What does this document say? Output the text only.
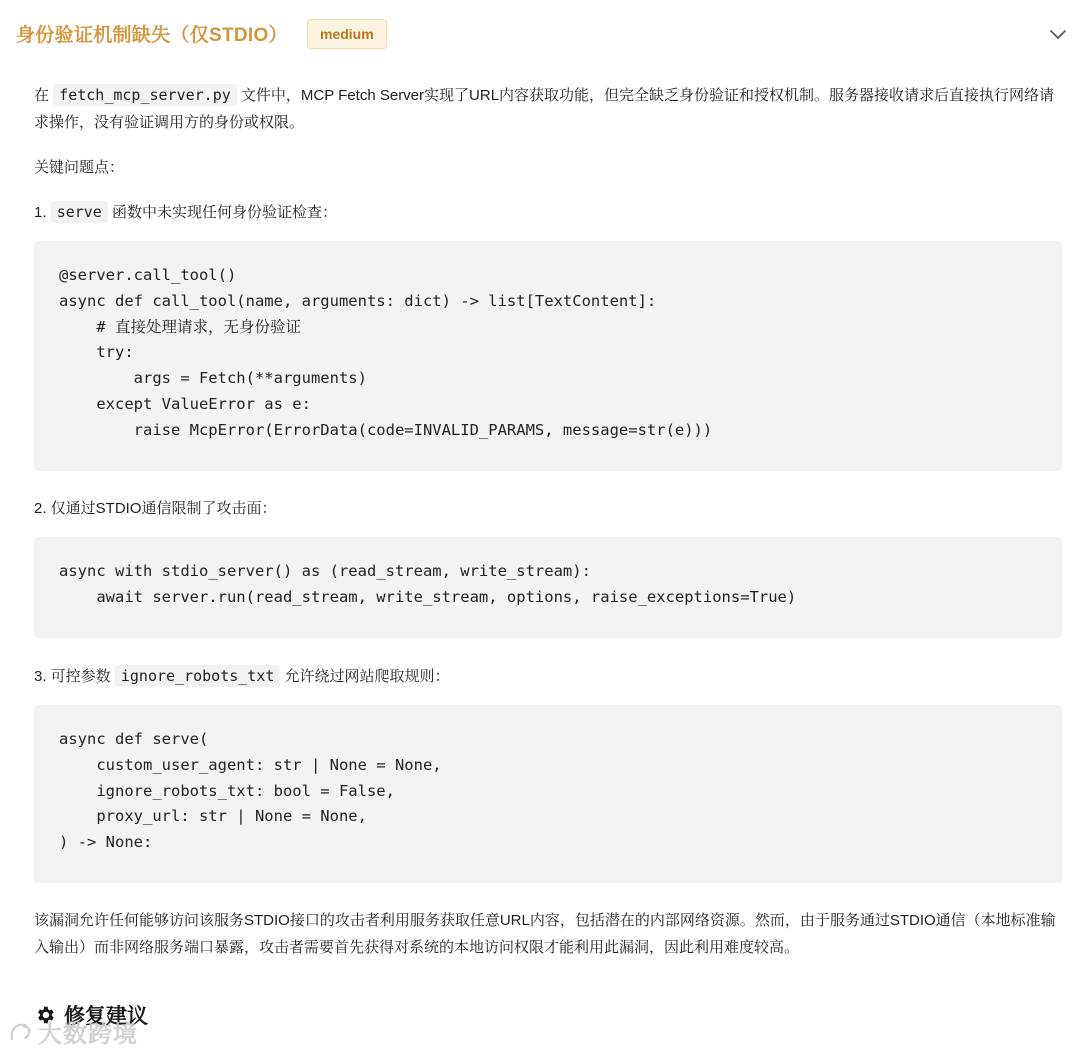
身份验证机制缺失（仅STDIO）	medium

在 fetch_mcp_server.py 文件中，MCP Fetch Server实现了URL内容获取功能，但完全缺乏身份验证和授权机制。服务器接收请求后直接执行网络请求操作，没有验证调用方的身份或权限。

关键问题点：

1. serve 函数中未实现任何身份验证检查：

@server.call_tool()
async def call_tool(name, arguments: dict) -> list[TextContent]:
# 直接处理请求，无身份验证
try:
args = Fetch(**arguments)
except ValueError as e:
raise McpError(ErrorData(code=INVALID_PARAMS, message=str(e)))

2. 仅通过STDIO通信限制了攻击面：

async with stdio_server() as (read_stream, write_stream):
await server.run(read_stream, write_stream, options, raise_exceptions=True)

3. 可控参数 ignore_robots_txt 允许绕过网站爬取规则：

async def serve(
custom_user_agent: str | None = None,
ignore_robots_txt: bool = False,
proxy_url: str | None = None,
) -> None:

该漏洞允许任何能够访问该服务STDIO接口的攻击者利用服务获取任意URL内容，包括潜在的内部网络资源。然而，由于服务通过STDIO通信（本地标准输入输出）而非网络服务端口暴露，攻击者需要首先获得对系统的本地访问权限才能利用此漏洞，因此利用难度较高。

修复建议
大数跨境
